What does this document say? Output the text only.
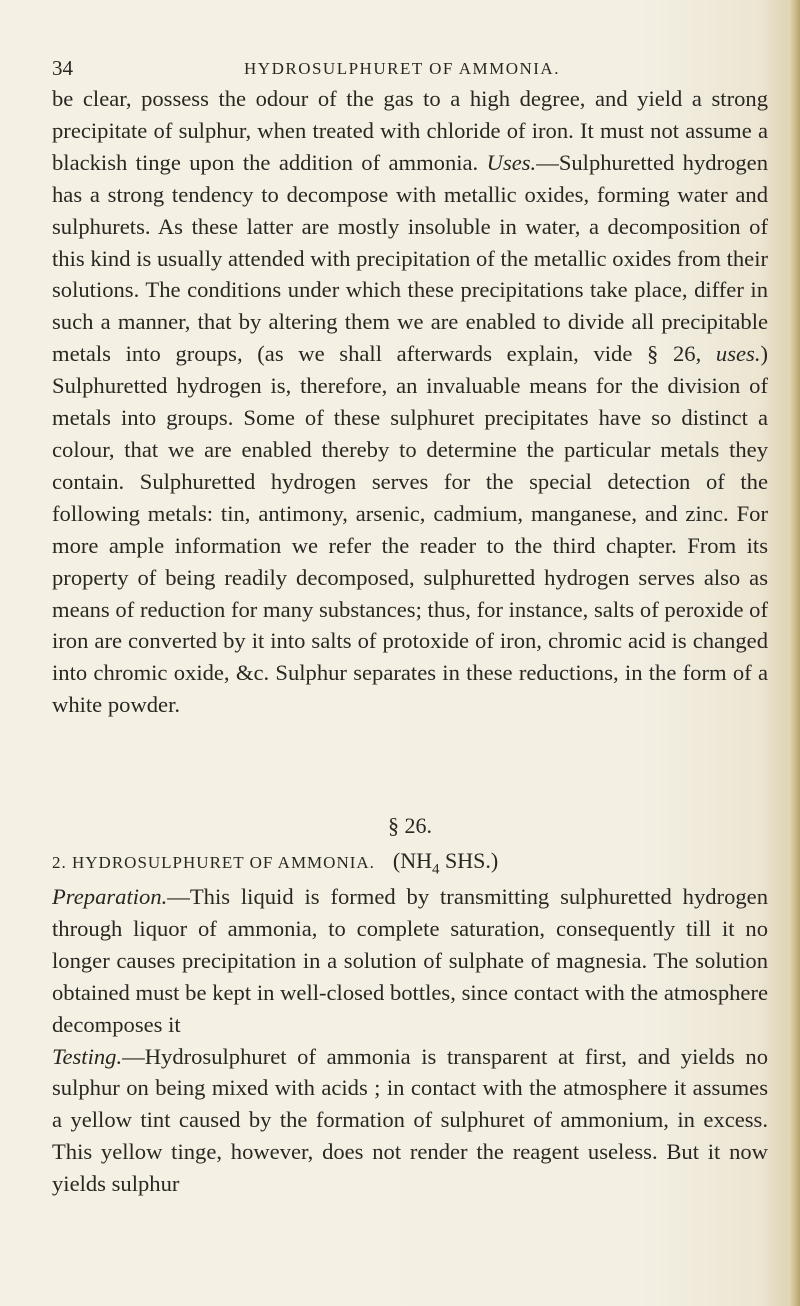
34	HYDROSULPHURET OF AMMONIA.

be clear, possess the odour of the gas to a high degree, and yield a strong precipitate of sulphur, when treated with chloride of iron. It must not assume a blackish tinge upon the addition of ammonia. Uses.—Sulphuretted hydrogen has a strong tendency to decompose with metallic oxides, forming water and sulphurets. As these latter are mostly insoluble in water, a decomposition of this kind is usually attended with precipitation of the metallic oxides from their solutions. The conditions under which these precipitations take place, differ in such a manner, that by altering them we are enabled to divide all precipitable metals into groups, (as we shall afterwards explain, vide § 26, uses.) Sulphuretted hydrogen is, therefore, an invaluable means for the division of metals into groups. Some of these sulphuret precipitates have so distinct a colour, that we are enabled thereby to determine the particular metals they contain. Sulphuretted hydrogen serves for the special detection of the following metals: tin, antimony, arsenic, cadmium, manganese, and zinc. For more ample information we refer the reader to the third chapter. From its property of being readily decomposed, sulphuretted hydrogen serves also as means of reduction for many substances; thus, for instance, salts of peroxide of iron are converted by it into salts of protoxide of iron, chromic acid is changed into chromic oxide, &c. Sulphur separates in these reductions, in the form of a white powder.

§ 26.
2. HYDROSULPHURET OF AMMONIA. ($NH_4$ SHS.)

Preparation.—This liquid is formed by transmitting sulphuretted hydrogen through liquor of ammonia, to complete saturation, consequently till it no longer causes precipitation in a solution of sulphate of magnesia. The solution obtained must be kept in well-closed bottles, since contact with the atmosphere decomposes it

Testing.—Hydrosulphuret of ammonia is transparent at first, and yields no sulphur on being mixed with acids ; in contact with the atmosphere it assumes a yellow tint caused by the formation of sulphuret of ammonium, in excess. This yellow tinge, however, does not render the reagent useless. But it now yields sulphur
